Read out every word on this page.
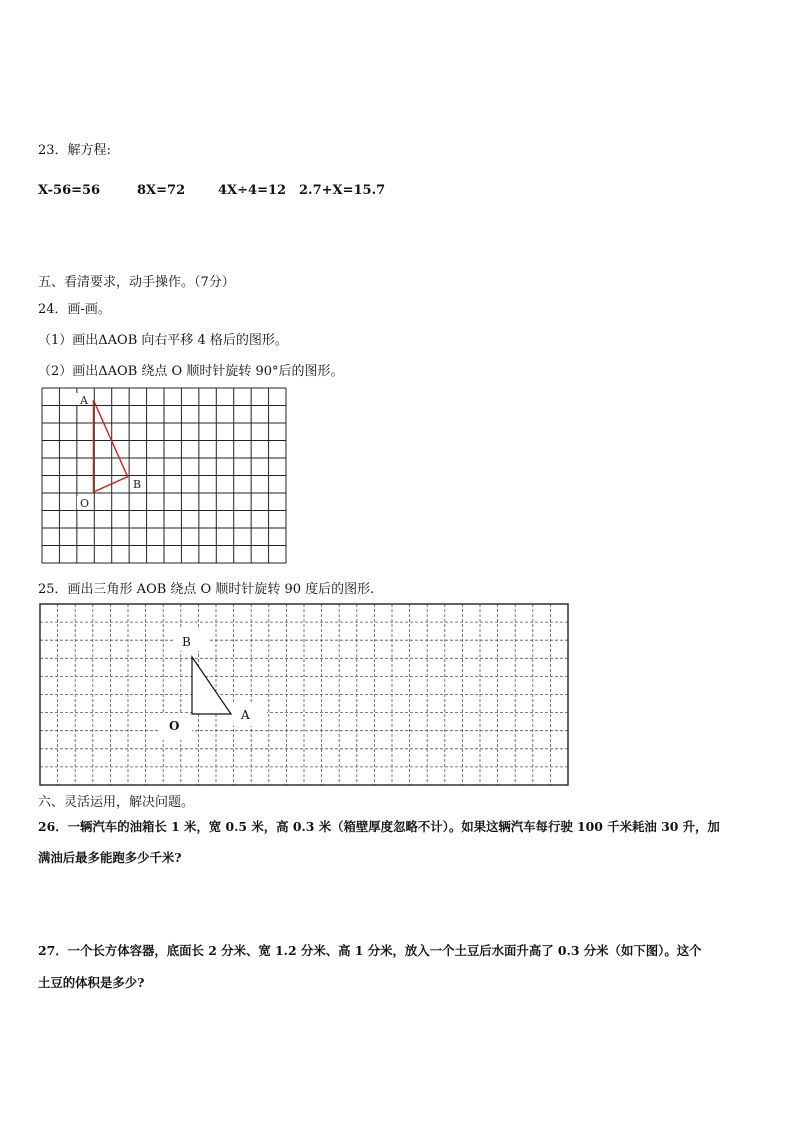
23．解方程:
X-56=56	8X=72	4X÷4=12 2.7+X=15.7
五、看清要求，动手操作。（7分）
24．画-画。
（1）画出ΔAOB 向右平移 4 格后的图形。
（2）画出ΔAOB 绕点 O 顺时针旋转 90°后的图形。
A
B
O
25．画出三角形 AOB 绕点 O 顺时针旋转 90 度后的图形.
B
A
O
六、灵活运用，解决问题。
26．一辆汽车的油箱长 1 米，宽 0.5 米，高 0.3 米（箱壁厚度忽略不计）。如果这辆汽车每行驶 100 千米耗油 30 升，加
满油后最多能跑多少千米?
27．一个长方体容器，底面长 2 分米、宽 1.2 分米、高 1 分米，放入一个土豆后水面升高了 0.3 分米（如下图）。这个
土豆的体积是多少?
